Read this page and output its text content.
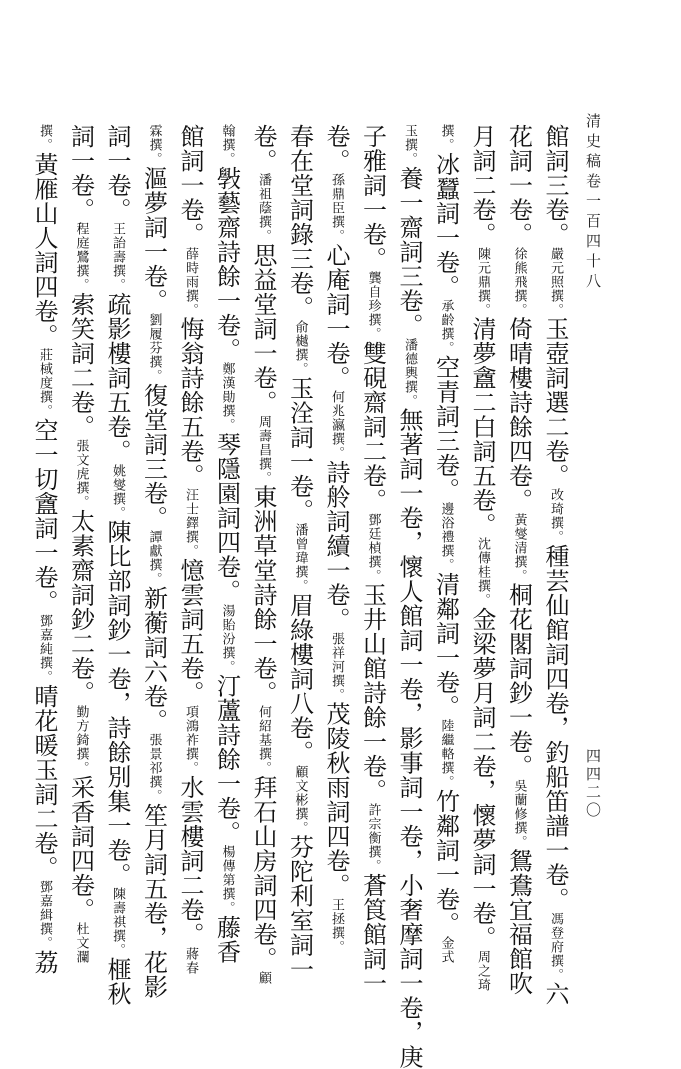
清史稿卷一百四十八
四四二〇
館詞三卷。嚴元照撰。玉壺詞選二卷。改琦撰。種芸仙館詞四卷，釣船笛譜一卷。馮登府撰。六
花詞一卷。徐熊飛撰。倚晴樓詩餘四卷。黃燮清撰。桐花閣詞鈔一卷。吳蘭修撰。鴛鴦宜福館吹
月詞二卷。陳元鼎撰。清夢盦二白詞五卷。沈傳桂撰。金梁夢月詞二卷，懷夢詞一卷。周之琦
撰。冰蠶詞一卷。承齡撰。空青詞三卷。邊浴禮撰。清鄰詞一卷。陸繼輅撰。竹鄰詞一卷。金式
玉撰。養一齋詞三卷。潘德輿撰。無著詞一卷，懷人館詞一卷，影事詞一卷，小奢摩詞一卷，庚
子雅詞一卷。龔自珍撰。雙硯齋詞二卷。鄧廷楨撰。玉井山館詩餘一卷。許宗衡撰。蒼筤館詞一
卷。孫鼎臣撰。心庵詞一卷。何兆瀛撰。詩舲詞續一卷。張祥河撰。茂陵秋雨詞四卷。王拯撰。
春在堂詞錄三卷。俞樾撰。玉洤詞一卷。潘曾瑋撰。眉綠樓詞八卷。顧文彬撰。芬陀利室詞一
卷。潘祖蔭撰。思益堂詞一卷。周壽昌撰。東洲草堂詩餘一卷。何紹基撰。拜石山房詞四卷。顧
翰撰。斅藝齋詩餘一卷。鄭漢勛撰。琴隱園詞四卷。湯貽汾撰。汀蘆詩餘一卷。楊傳第撰。藤香
館詞一卷。薛時雨撰。悔翁詩餘五卷。汪士鐸撰。憶雲詞五卷。項鴻祚撰。水雲樓詞二卷。蔣春
霖撰。漚夢詞一卷。劉履芬撰。復堂詞三卷。譚獻撰。新蘅詞六卷。張景祁撰。笙月詞五卷，花影
詞一卷。王詒壽撰。疏影樓詞五卷。姚燮撰。陳比部詞鈔一卷，詩餘別集一卷。陳壽祺撰。榧秋
詞一卷。程庭鷺撰。索笑詞二卷。張文虎撰。太素齋詞鈔二卷。勤方錡撰。采香詞四卷。杜文瀾
撰。黃雁山人詞四卷。莊棫度撰。空一切盦詞一卷。鄧嘉純撰。晴花暖玉詞二卷。鄧嘉緝撰。荔
